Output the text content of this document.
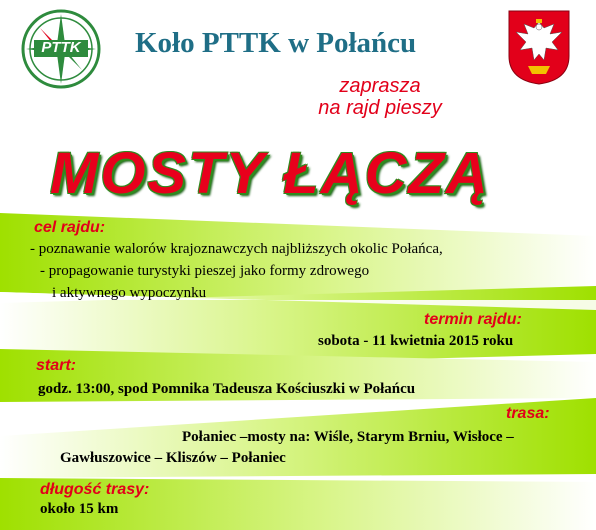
PTTK Koło PTTK w Połańcu
zaprasza
na rajd pieszy
MOSTY ŁĄCZĄ
cel rajdu:
- poznawanie walorów krajoznawczych najbliższych okolic Połańca,
- propagowanie turystyki pieszej jako formy zdrowego
i aktywnego wypoczynku
termin rajdu:
sobota - 11 kwietnia 2015 roku
start:
godz. 13:00, spod Pomnika Tadeusza Kościuszki w Połańcu
trasa:
Połaniec –mosty na: Wiśle, Starym Brniu, Wisłoce –
Gawłuszowice – Kliszów – Połaniec
długość trasy:
około 15 km
